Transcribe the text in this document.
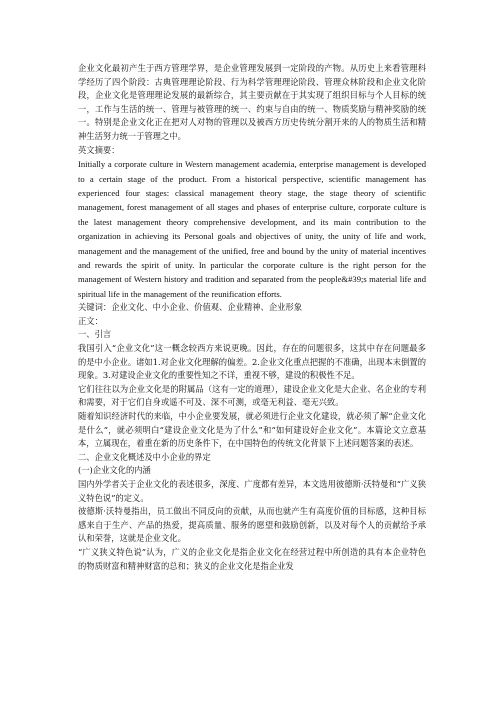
企业文化最初产生于西方管理学界，是企业管理发展到一定阶段的产物。从历史上来看管理科学经历了四个阶段：古典管理理论阶段、行为科学管理理论阶段、管理众林阶段和企业文化阶段，企业文化是管理理论发展的最新综合，其主要贡献在于其实现了组织目标与个人目标的统一，工作与生活的统一、管理与被管理的统一、约束与自由的统一、物质奖励与精神奖励的统一。特别是企业文化正在把对人对物的管理以及被西方历史传统分割开来的人的物质生活和精神生活努力统一于管理之中。

英文摘要：

Initially a corporate culture in Western management academia, enterprise management is developed to a certain stage of the product. From a historical perspective, scientific management has experienced four stages: classical management theory stage, the stage theory of scientific management, forest management of all stages and phases of enterprise culture, corporate culture is the latest management theory comprehensive development, and its main contribution to the organization in achieving its Personal goals and objectives of unity, the unity of life and work, management and the management of the unified, free and bound by the unity of material incentives and rewards the spirit of unity. In particular the corporate culture is the right person for the management of Western history and tradition and separated from the people&#39;s material life and spiritual life in the management of the reunification efforts.

关键词：企业文化、中小企业、价值观、企业精神、企业形象

正文：

一、引言

我国引入“企业文化”这一概念较西方来说更晚。因此，存在的问题很多，这其中存在问题最多的是中小企业。诸如1.对企业文化理解的偏差。2.企业文化重点把握的不准确，出现本末倒置的现象。3.对建设企业文化的重要性知之不详，重视不够，建设的积极性不足。

它们往往以为企业文化是的附属品（这有一定的道理），建设企业文化是大企业、名企业的专利和需要，对于它们自身或遥不可及、深不可测，或毫无利益、毫无兴致。

随着知识经济时代的来临，中小企业要发展，就必须进行企业文化建设，就必须了解“企业文化是什么”，就必须明白“建设企业文化是为了什么”和“如何建设好企业文化”。本篇论文立意基本，立属现在，着重在新的历史条件下，在中国特色的传统文化背景下上述问题答案的表述。

二、企业文化概述及中小企业的界定

(一)企业文化的内涵

国内外学者关于企业文化的表述很多，深度、广度都有差异，本文选用彼德斯·沃特曼和“广义狭义特色说”的定义。

彼德斯·沃特曼指出，员工做出不同反向的贡献，从而也就产生有高度价值的目标感，这种目标感来自于生产、产品的热爱，提高质量、服务的愿望和鼓励创新，以及对每个人的贡献给予承认和荣誉，这就是企业文化。

“广义狭义特色说”认为，广义的企业文化是指企业文化在经营过程中所创造的具有本企业特色的物质财富和精神财富的总和；狭义的企业文化是指企业发
